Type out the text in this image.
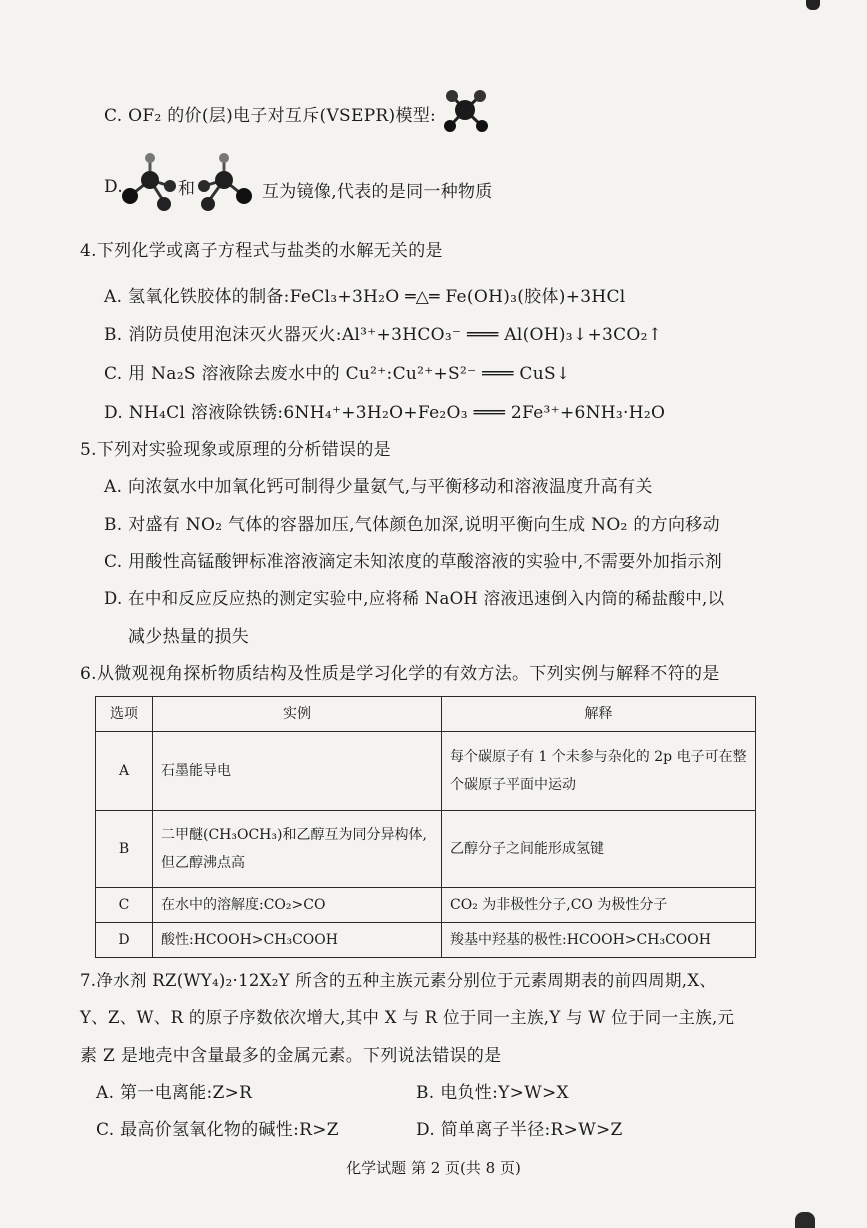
C. OF₂ 的价(层)电子对互斥(VSEPR)模型:
D.	和	互为镜像,代表的是同一种物质
4.下列化学或离子方程式与盐类的水解无关的是
A. 氢氧化铁胶体的制备:FeCl₃+3H₂O ═△═ Fe(OH)₃(胶体)+3HCl
B. 消防员使用泡沫灭火器灭火:Al³⁺+3HCO₃⁻ ═══ Al(OH)₃↓+3CO₂↑
C. 用 Na₂S 溶液除去废水中的 Cu²⁺:Cu²⁺+S²⁻ ═══ CuS↓
D. NH₄Cl 溶液除铁锈:6NH₄⁺+3H₂O+Fe₂O₃ ═══ 2Fe³⁺+6NH₃·H₂O
5.下列对实验现象或原理的分析错误的是
A. 向浓氨水中加氧化钙可制得少量氨气,与平衡移动和溶液温度升高有关
B. 对盛有 NO₂ 气体的容器加压,气体颜色加深,说明平衡向生成 NO₂ 的方向移动
C. 用酸性高锰酸钾标准溶液滴定未知浓度的草酸溶液的实验中,不需要外加指示剂
D. 在中和反应反应热的测定实验中,应将稀 NaOH 溶液迅速倒入内筒的稀盐酸中,以
减少热量的损失
6.从微观视角探析物质结构及性质是学习化学的有效方法。下列实例与解释不符的是
选项	实例	解释
A	石墨能导电	每个碳原子有 1 个未参与杂化的 2p 电子可在整个碳原子平面中运动
B	二甲醚(CH₃OCH₃)和乙醇互为同分异构体,但乙醇沸点高	乙醇分子之间能形成氢键
C	在水中的溶解度:CO₂>CO	CO₂ 为非极性分子,CO 为极性分子
D	酸性:HCOOH>CH₃COOH	羧基中羟基的极性:HCOOH>CH₃COOH
7.净水剂 RZ(WY₄)₂·12X₂Y 所含的五种主族元素分别位于元素周期表的前四周期,X、
Y、Z、W、R 的原子序数依次增大,其中 X 与 R 位于同一主族,Y 与 W 位于同一主族,元
素 Z 是地壳中含量最多的金属元素。下列说法错误的是
A. 第一电离能:Z>R	B. 电负性:Y>W>X
C. 最高价氢氧化物的碱性:R>Z	D. 简单离子半径:R>W>Z
化学试题 第 2 页(共 8 页)
